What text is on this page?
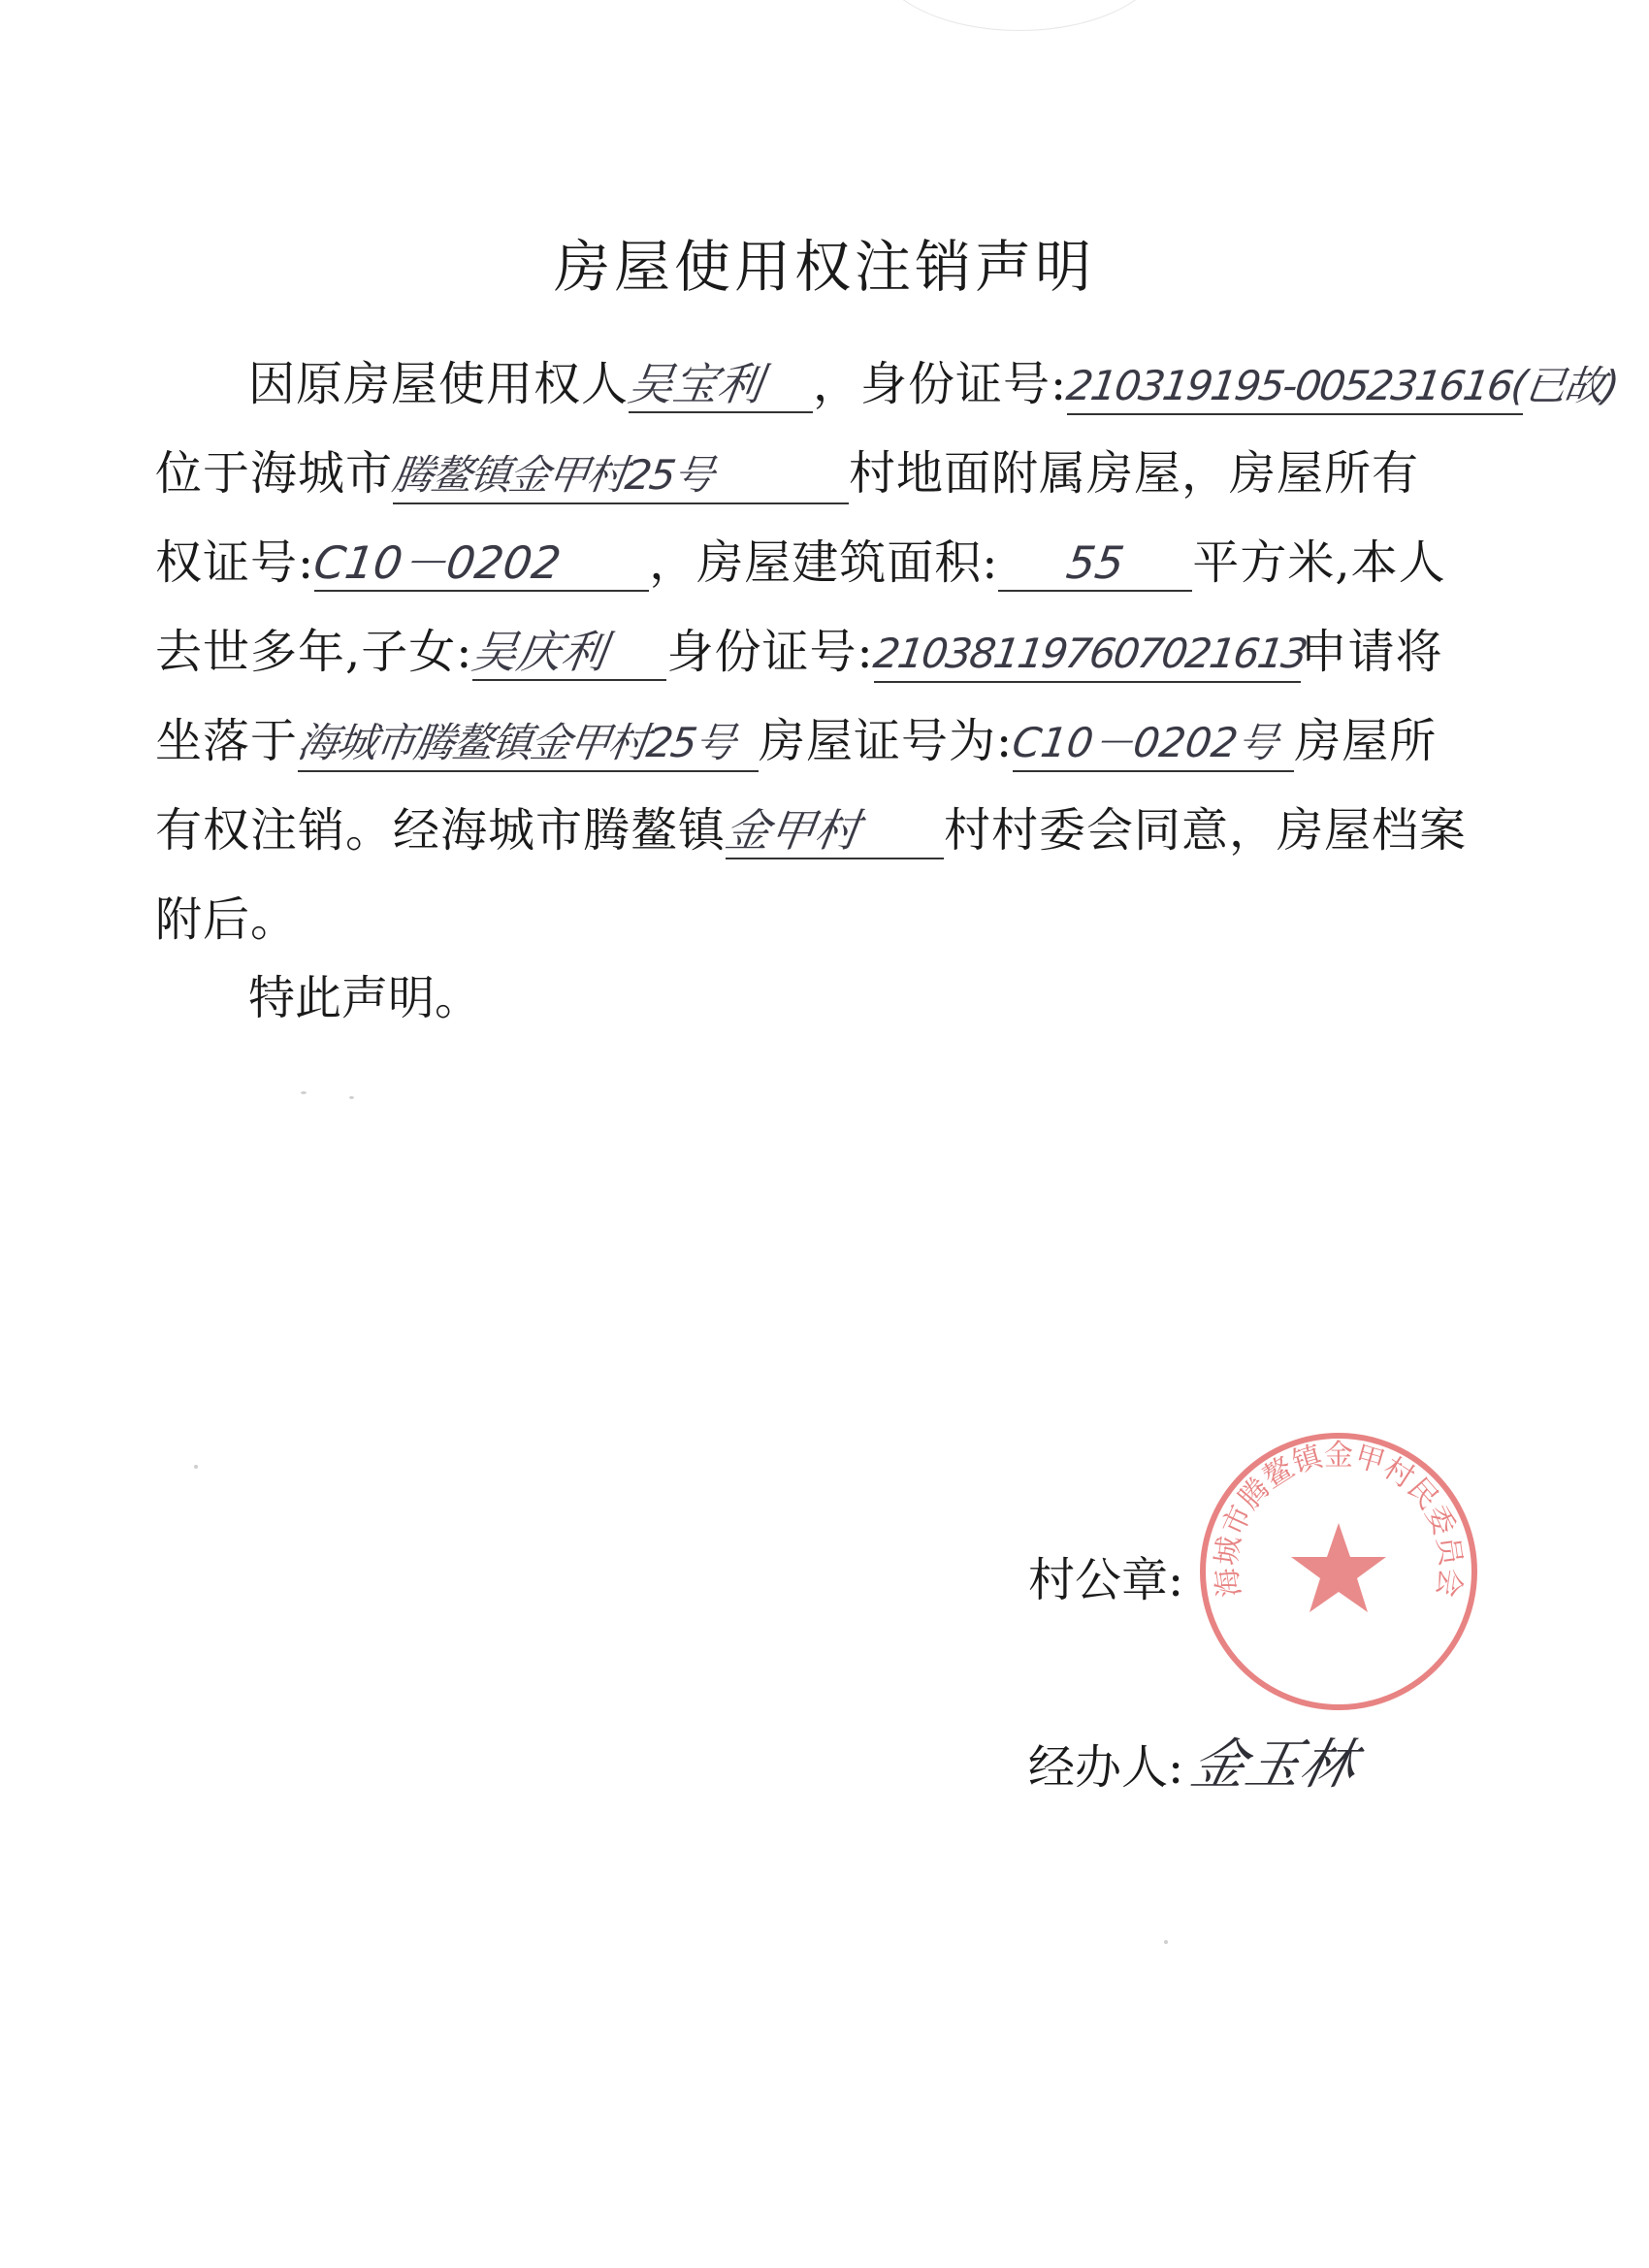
房屋使用权注销声明
因原房屋使用权人吴宝利 ，身份证号:210319195-005231616(已故)
位于海城市腾鳌镇金甲村25号	村地面附属房屋，房屋所有
权证号:C10－0202 ，房屋建筑面积: 55 平方米,本人
去世多年,子女:吴庆利 身份证号:210381197607021613申请将
坐落于海城市腾鳌镇金甲村25号 房屋证号为:C10－0202号 房屋所
有权注销。经海城市腾鳌镇金甲村 村村委会同意，房屋档案
附后。
特此声明。
村公章: 海城市腾鳌镇金甲村民委员会
经办人:金玉林
